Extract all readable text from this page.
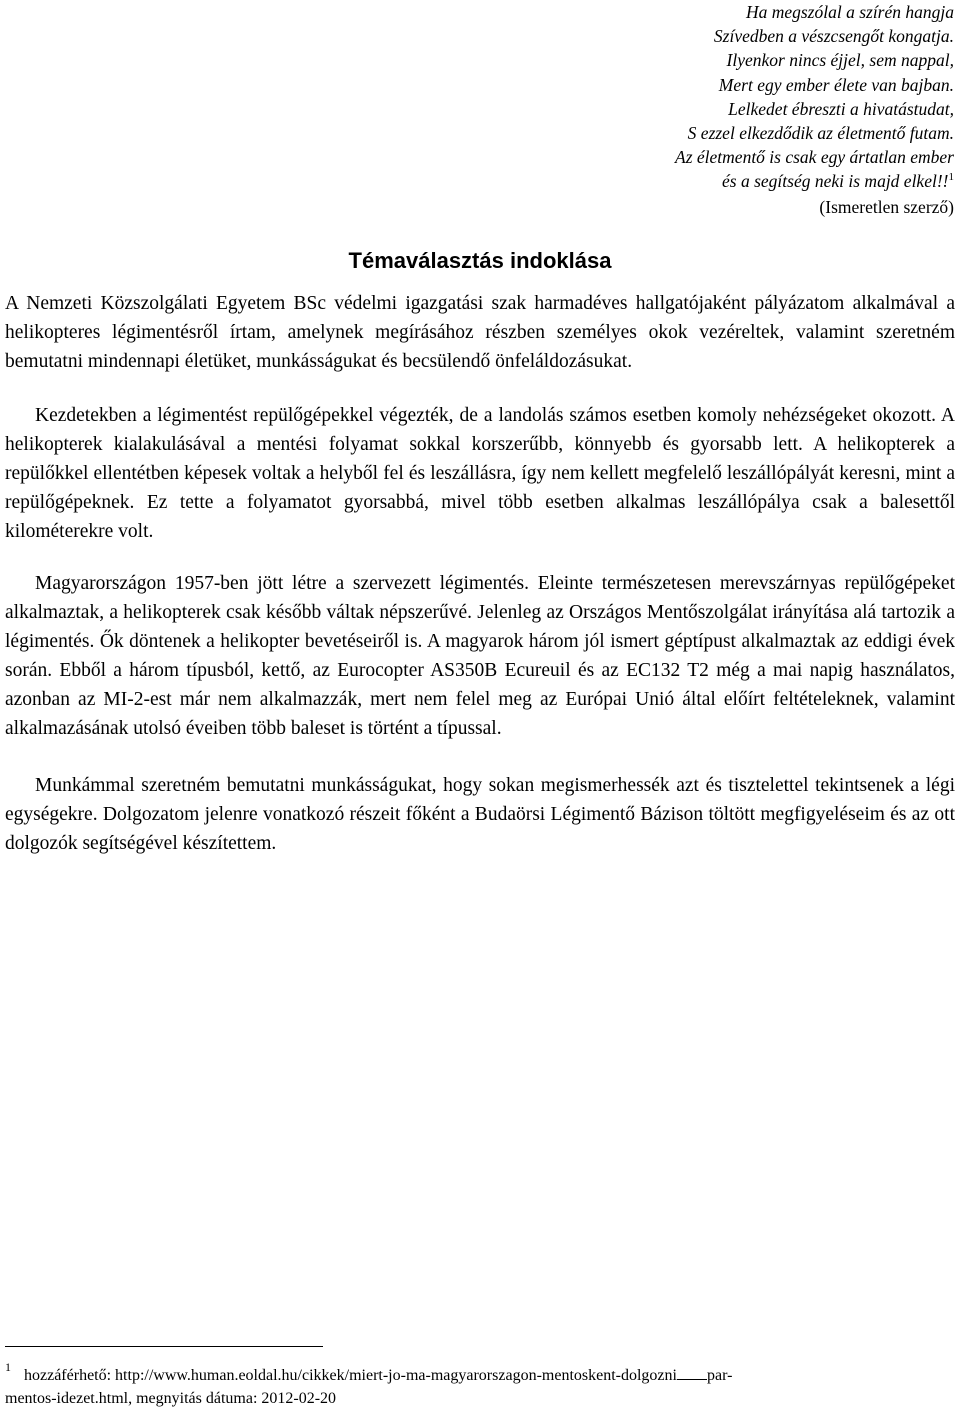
Ha megszólal a szírén hangja
Szívedben a vészcsengőt kongatja.
Ilyenkor nincs éjjel, sem nappal,
Mert egy ember élete van bajban.
Lelkedet ébreszti a hivatástudat,
S ezzel elkezdődik az életmentő futam.
Az életmentő is csak egy ártatlan ember
és a segítség neki is majd elkel!!$^1$
(Ismeretlen szerző)
Témaválasztás indoklása

A Nemzeti Közszolgálati Egyetem BSc védelmi igazgatási szak harmadéves hallgatójaként pályázatom alkalmával a helikopteres légimentésről írtam, amelynek megírásához részben személyes okok vezéreltek, valamint szeretném bemutatni mindennapi életüket, munkásságukat és becsülendő önfeláldozásukat.

Kezdetekben a légimentést repülőgépekkel végezték, de a landolás számos esetben komoly nehézségeket okozott. A helikopterek kialakulásával a mentési folyamat sokkal korszerűbb, könnyebb és gyorsabb lett. A helikopterek a repülőkkel ellentétben képesek voltak a helyből fel és leszállásra, így nem kellett megfelelő leszállópályát keresni, mint a repülőgépeknek. Ez tette a folyamatot gyorsabbá, mivel több esetben alkalmas leszállópálya csak a balesettől kilométerekre volt.

Magyarországon 1957-ben jött létre a szervezett légimentés. Eleinte természetesen merevszárnyas repülőgépeket alkalmaztak, a helikopterek csak később váltak népszerűvé. Jelenleg az Országos Mentőszolgálat irányítása alá tartozik a légimentés. Ők döntenek a helikopter bevetéseiről is. A magyarok három jól ismert géptípust alkalmaztak az eddigi évek során. Ebből a három típusból, kettő, az Eurocopter AS350B Ecureuil és az EC132 T2 még a mai napig használatos, azonban az MI-2-est már nem alkalmazzák, mert nem felel meg az Európai Unió által előírt feltételeknek, valamint alkalmazásának utolsó éveiben több baleset is történt a típussal.

Munkámmal szeretném bemutatni munkásságukat, hogy sokan megismerhessék azt és tisztelettel tekintsenek a légi egységekre. Dolgozatom jelenre vonatkozó részeit főként a Budaörsi Légimentő Bázison töltött megfigyeléseim és az ott dolgozók segítségével készítettem.

1 hozzáférhető: http://www.human.eoldal.hu/cikkek/miert-jo-ma-magyarorszagon-mentoskent-dolgozni par-
mentos-idezet.html, megnyitás dátuma: 2012-02-20
